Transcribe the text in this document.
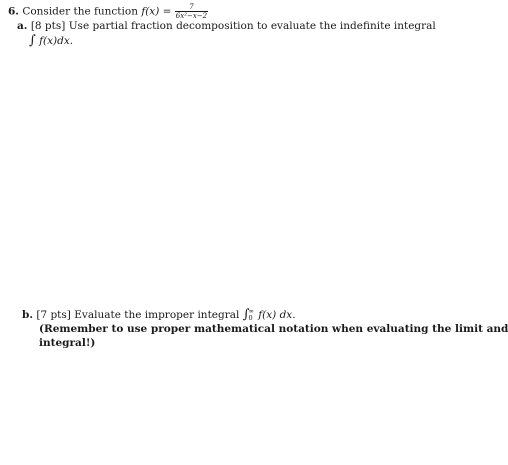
6. Consider the function $f(x) = \frac{7}{\text{6x²−x−2}}$
a. [8 pts] Use partial fraction decomposition to evaluate the indefinite integral
∫ f(x)dx.
b. [7 pts] Evaluate the improper integral ∫ ∞
0 f(x) dx.
(Remember to use proper mathematical notation when evaluating the limit and
integral!)
